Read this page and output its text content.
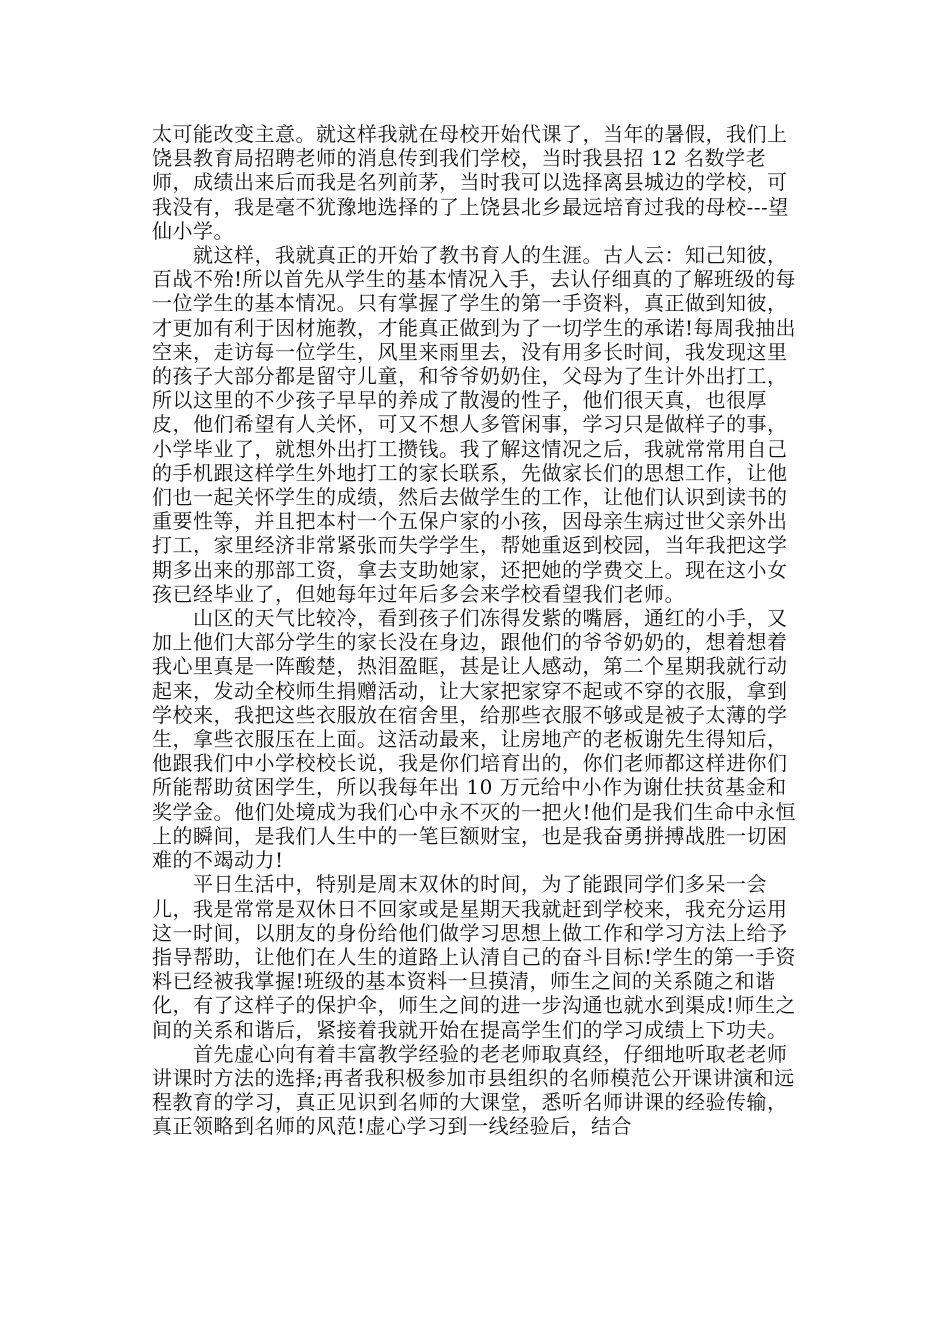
太可能改变主意。就这样我就在母校开始代课了，当年的暑假，我们上饶县教育局招聘老师的消息传到我们学校，当时我县招 12 名数学老师，成绩出来后而我是名列前茅，当时我可以选择离县城边的学校，可我没有，我是毫不犹豫地选择的了上饶县北乡最远培育过我的母校---望仙小学。

就这样，我就真正的开始了教书育人的生涯。古人云：知己知彼，百战不殆!所以首先从学生的基本情况入手，去认仔细真的了解班级的每一位学生的基本情况。只有掌握了学生的第一手资料，真正做到知彼，才更加有利于因材施教，才能真正做到为了一切学生的承诺!每周我抽出空来，走访每一位学生，风里来雨里去，没有用多长时间，我发现这里的孩子大部分都是留守儿童，和爷爷奶奶住，父母为了生计外出打工，所以这里的不少孩子早早的养成了散漫的性子，他们很天真，也很厚皮，他们希望有人关怀，可又不想人多管闲事，学习只是做样子的事，小学毕业了，就想外出打工攒钱。我了解这情况之后，我就常常用自己的手机跟这样学生外地打工的家长联系，先做家长们的思想工作，让他们也一起关怀学生的成绩，然后去做学生的工作，让他们认识到读书的重要性等，并且把本村一个五保户家的小孩，因母亲生病过世父亲外出打工，家里经济非常紧张而失学学生，帮她重返到校园，当年我把这学期多出来的那部工资，拿去支助她家，还把她的学费交上。现在这小女孩已经毕业了，但她每年过年后多会来学校看望我们老师。

山区的天气比较冷，看到孩子们冻得发紫的嘴唇，通红的小手，又加上他们大部分学生的家长没在身边，跟他们的爷爷奶奶的，想着想着我心里真是一阵酸楚，热泪盈眶，甚是让人感动，第二个星期我就行动起来，发动全校师生捐赠活动，让大家把家穿不起或不穿的衣服，拿到学校来，我把这些衣服放在宿舍里，给那些衣服不够或是被子太薄的学生，拿些衣服压在上面。这活动最来，让房地产的老板谢先生得知后，他跟我们中小学校校长说，我是你们培育出的，你们老师都这样进你们所能帮助贫困学生，所以我每年出 10 万元给中小作为谢仕扶贫基金和奖学金。他们处境成为我们心中永不灭的一把火!他们是我们生命中永恒上的瞬间，是我们人生中的一笔巨额财宝，也是我奋勇拼搏战胜一切困难的不竭动力!

平日生活中，特别是周末双休的时间，为了能跟同学们多呆一会儿，我是常常是双休日不回家或是星期天我就赶到学校来，我充分运用这一时间，以朋友的身份给他们做学习思想上做工作和学习方法上给予指导帮助，让他们在人生的道路上认清自己的奋斗目标!学生的第一手资料已经被我掌握!班级的基本资料一旦摸清，师生之间的关系随之和谐化，有了这样子的保护伞，师生之间的进一步沟通也就水到渠成!师生之间的关系和谐后，紧接着我就开始在提高学生们的学习成绩上下功夫。

首先虚心向有着丰富教学经验的老老师取真经，仔细地听取老老师讲课时方法的选择;再者我积极参加市县组织的名师模范公开课讲演和远程教育的学习，真正见识到名师的大课堂，悉听名师讲课的经验传输，真正领略到名师的风范!虚心学习到一线经验后，结合
